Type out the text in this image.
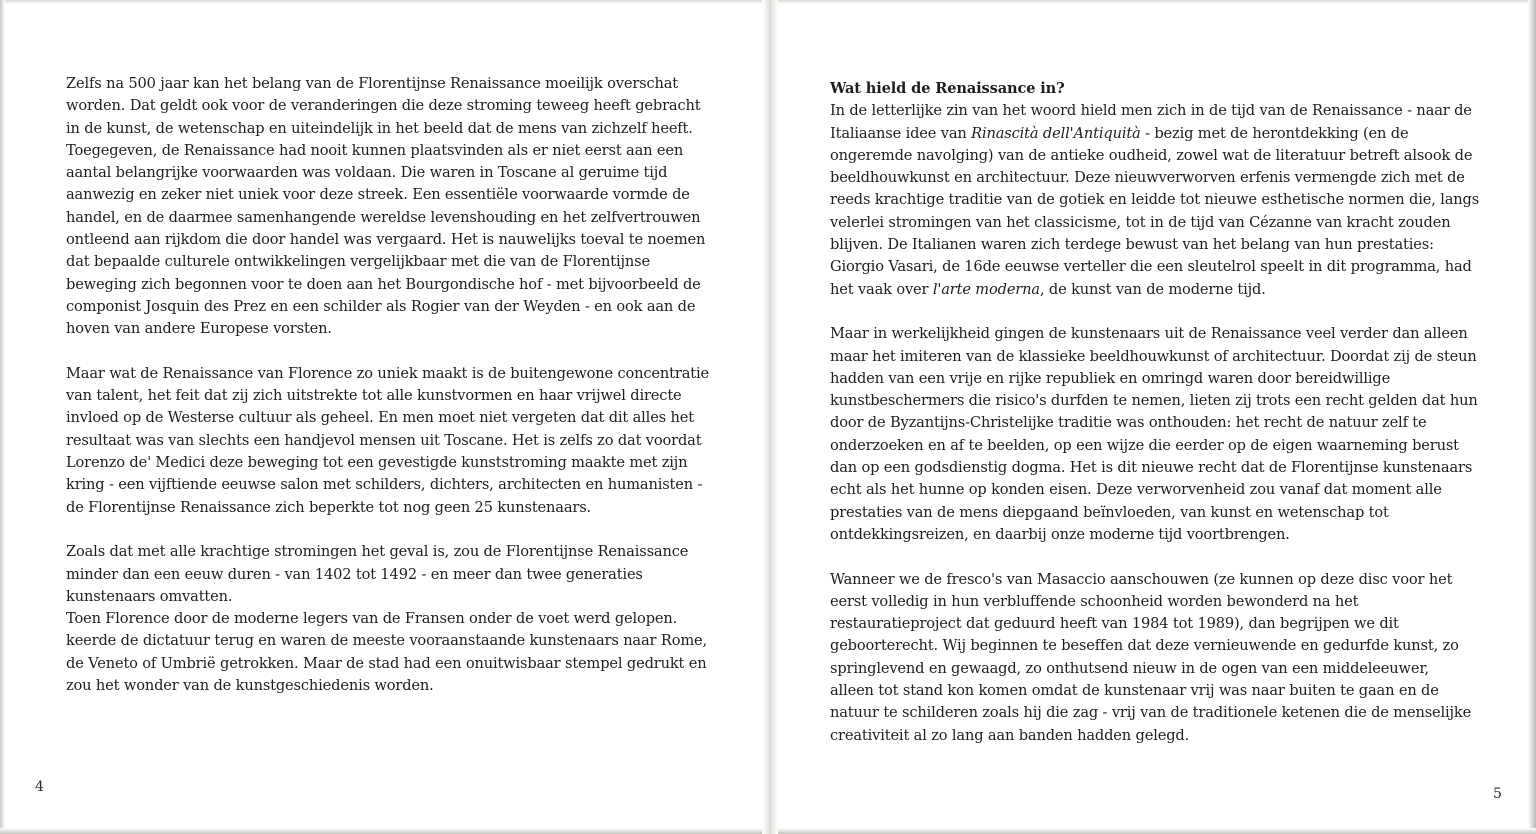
Zelfs na 500 jaar kan het belang van de Florentijnse Renaissance moeilijk overschat
worden. Dat geldt ook voor de veranderingen die deze stroming teweeg heeft gebracht
in de kunst, de wetenschap en uiteindelijk in het beeld dat de mens van zichzelf heeft.
Toegegeven, de Renaissance had nooit kunnen plaatsvinden als er niet eerst aan een
aantal belangrijke voorwaarden was voldaan. Die waren in Toscane al geruime tijd
aanwezig en zeker niet uniek voor deze streek. Een essentiële voorwaarde vormde de
handel, en de daarmee samenhangende wereldse levenshouding en het zelfvertrouwen
ontleend aan rijkdom die door handel was vergaard. Het is nauwelijks toeval te noemen
dat bepaalde culturele ontwikkelingen vergelijkbaar met die van de Florentijnse
beweging zich begonnen voor te doen aan het Bourgondische hof - met bijvoorbeeld de
componist Josquin des Prez en een schilder als Rogier van der Weyden - en ook aan de
hoven van andere Europese vorsten.
Maar wat de Renaissance van Florence zo uniek maakt is de buitengewone concentratie
van talent, het feit dat zij zich uitstrekte tot alle kunstvormen en haar vrijwel directe
invloed op de Westerse cultuur als geheel. En men moet niet vergeten dat dit alles het
resultaat was van slechts een handjevol mensen uit Toscane. Het is zelfs zo dat voordat
Lorenzo de' Medici deze beweging tot een gevestigde kunststroming maakte met zijn
kring - een vijftiende eeuwse salon met schilders, dichters, architecten en humanisten -
de Florentijnse Renaissance zich beperkte tot nog geen 25 kunstenaars.
Zoals dat met alle krachtige stromingen het geval is, zou de Florentijnse Renaissance
minder dan een eeuw duren - van 1402 tot 1492 - en meer dan twee generaties
kunstenaars omvatten.
Toen Florence door de moderne legers van de Fransen onder de voet werd gelopen.
keerde de dictatuur terug en waren de meeste vooraanstaande kunstenaars naar Rome,
de Veneto of Umbrië getrokken. Maar de stad had een onuitwisbaar stempel gedrukt en
zou het wonder van de kunstgeschiedenis worden.
4
Wat hield de Renaissance in?
In de letterlijke zin van het woord hield men zich in de tijd van de Renaissance - naar de
Italiaanse idee van Rinascità dell'Antiquità - bezig met de herontdekking (en de
ongeremde navolging) van de antieke oudheid, zowel wat de literatuur betreft alsook de
beeldhouwkunst en architectuur. Deze nieuwverworven erfenis vermengde zich met de
reeds krachtige traditie van de gotiek en leidde tot nieuwe esthetische normen die, langs
velerlei stromingen van het classicisme, tot in de tijd van Cézanne van kracht zouden
blijven. De Italianen waren zich terdege bewust van het belang van hun prestaties:
Giorgio Vasari, de 16de eeuwse verteller die een sleutelrol speelt in dit programma, had
het vaak over l'arte moderna, de kunst van de moderne tijd.
Maar in werkelijkheid gingen de kunstenaars uit de Renaissance veel verder dan alleen
maar het imiteren van de klassieke beeldhouwkunst of architectuur. Doordat zij de steun
hadden van een vrije en rijke republiek en omringd waren door bereidwillige
kunstbeschermers die risico's durfden te nemen, lieten zij trots een recht gelden dat hun
door de Byzantijns-Christelijke traditie was onthouden: het recht de natuur zelf te
onderzoeken en af te beelden, op een wijze die eerder op de eigen waarneming berust
dan op een godsdienstig dogma. Het is dit nieuwe recht dat de Florentijnse kunstenaars
echt als het hunne op konden eisen. Deze verworvenheid zou vanaf dat moment alle
prestaties van de mens diepgaand beïnvloeden, van kunst en wetenschap tot
ontdekkingsreizen, en daarbij onze moderne tijd voortbrengen.
Wanneer we de fresco's van Masaccio aanschouwen (ze kunnen op deze disc voor het
eerst volledig in hun verbluffende schoonheid worden bewonderd na het
restauratieproject dat geduurd heeft van 1984 tot 1989), dan begrijpen we dit
geboorterecht. Wij beginnen te beseffen dat deze vernieuwende en gedurfde kunst, zo
springlevend en gewaagd, zo onthutsend nieuw in de ogen van een middeleeuwer,
alleen tot stand kon komen omdat de kunstenaar vrij was naar buiten te gaan en de
natuur te schilderen zoals hij die zag - vrij van de traditionele ketenen die de menselijke
creativiteit al zo lang aan banden hadden gelegd.
5
